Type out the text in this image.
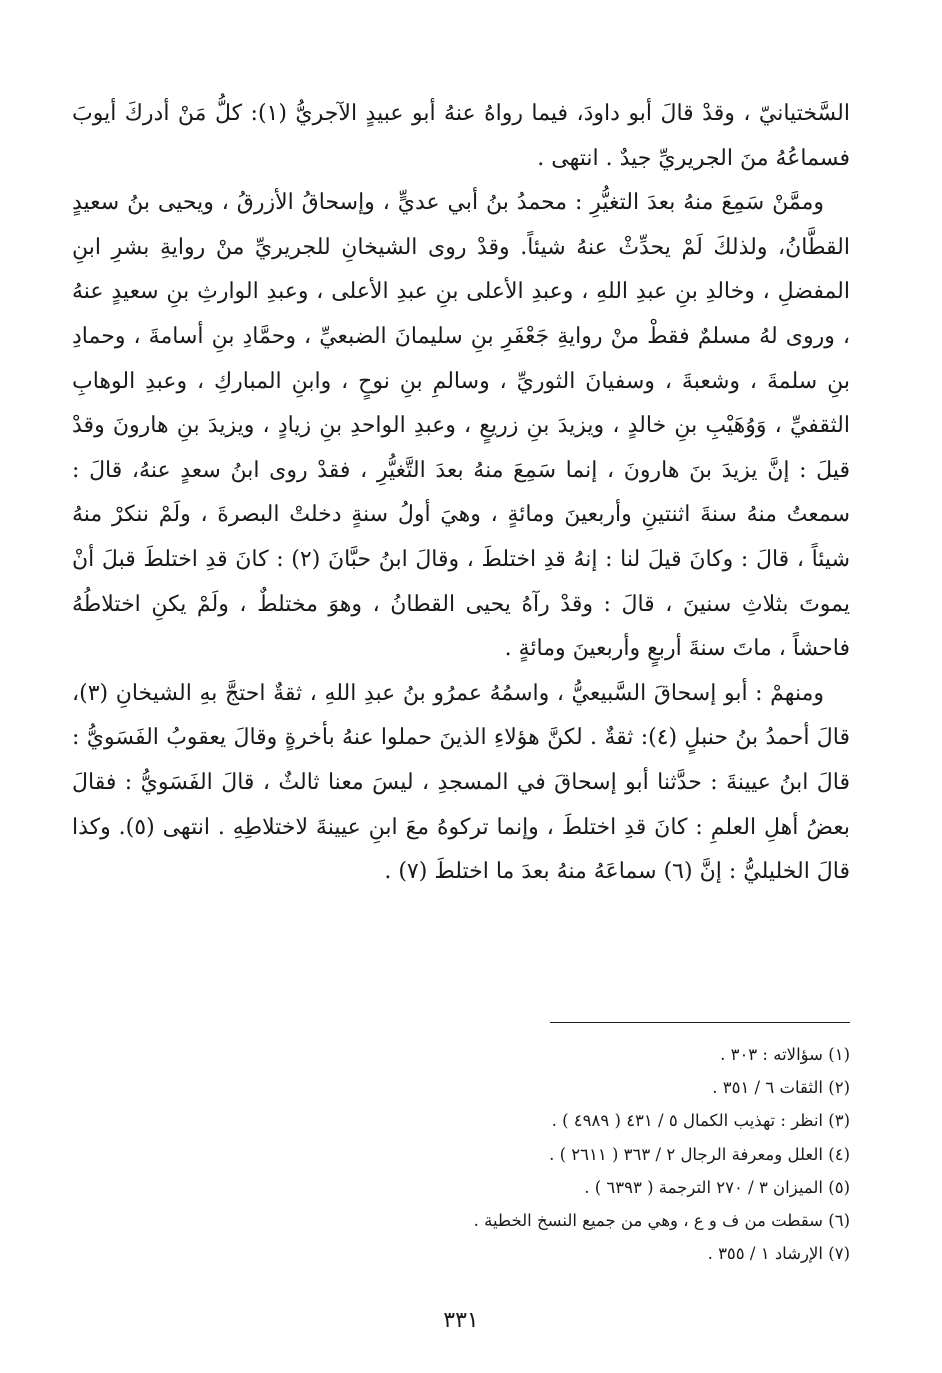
السَّختيانيّ ، وقدْ قالَ أبو داودَ، فيما رواهُ عنهُ أبو عبيدٍ الآجريُّ (١): كلُّ مَنْ أدركَ أيوبَ فسماعُهُ منَ الجريريِّ جيدٌ . انتهى .

وممَّنْ سَمِعَ منهُ بعدَ التغيُّرِ : محمدُ بنُ أبي عديٍّ ، وإسحاقُ الأزرقُ ، ويحيى بنُ سعيدٍ القطَّانُ، ولذلكَ لَمْ يحدِّثْ عنهُ شيئاً. وقدْ روى الشيخانِ للجريريِّ منْ روايةِ بشرِ ابنِ المفضلِ ، وخالدِ بنِ عبدِ اللهِ ، وعبدِ الأعلى بنِ عبدِ الأعلى ، وعبدِ الوارثِ بنِ سعيدٍ عنهُ ، وروى لهُ مسلمٌ فقطْ منْ روايةِ جَعْفَرِ بنِ سليمانَ الضبعيِّ ، وحمَّادِ بنِ أسامةَ ، وحمادِ بنِ سلمةَ ، وشعبةَ ، وسفيانَ الثوريِّ ، وسالمِ بنِ نوحٍ ، وابنِ المباركِ ، وعبدِ الوهابِ الثقفيِّ ، وَوُهَيْبِ بنِ خالدٍ ، ويزيدَ بنِ زريعٍ ، وعبدِ الواحدِ بنِ زيادٍ ، ويزيدَ بنِ هارونَ وقدْ قيلَ : إنَّ يزيدَ بنَ هارونَ ، إنما سَمِعَ منهُ بعدَ التَّغيُّرِ ، فقدْ روى ابنُ سعدٍ عنهُ، قالَ : سمعتُ منهُ سنةَ اثنتينِ وأربعينَ ومائةٍ ، وهيَ أولُ سنةٍ دخلتْ البصرةَ ، ولَمْ ننكرْ منهُ شيئاً ، قالَ : وكانَ قيلَ لنا : إنهُ قدِ اختلطَ ، وقالَ ابنُ حبَّانَ (٢) : كانَ قدِ اختلطَ قبلَ أنْ يموتَ بثلاثِ سنينَ ، قالَ : وقدْ رآهُ يحيى القطانُ ، وهوَ مختلطٌ ، ولَمْ يكنِ اختلاطُهُ فاحشاً ، ماتَ سنةَ أربعٍ وأربعينَ ومائةٍ .

ومنهمْ : أبو إسحاقَ السَّبيعيُّ ، واسمُهُ عمرُو بنُ عبدِ اللهِ ، ثقةٌ احتجَّ بهِ الشيخانِ (٣)، قالَ أحمدُ بنُ حنبلٍ (٤): ثقةٌ . لكنَّ هؤلاءِ الذينَ حملوا عنهُ بأخرةٍ وقالَ يعقوبُ الفَسَويُّ : قالَ ابنُ عيينةَ : حدَّثنا أبو إسحاقَ في المسجدِ ، ليسَ معنا ثالثٌ ، قالَ الفَسَويُّ : فقالَ بعضُ أهلِ العلمِ : كانَ قدِ اختلطَ ، وإنما تركوهُ معَ ابنِ عيينةَ لاختلاطِهِ . انتهى (٥). وكذا قالَ الخليليُّ : إنَّ (٦) سماعَهُ منهُ بعدَ ما اختلطَ (٧) .

(١) سؤالاته : ٣٠٣ .

(٢) الثقات ٦ / ٣٥١ .

(٣) انظر : تهذيب الكمال ٥ / ٤٣١ ( ٤٩٨٩ ) .

(٤) العلل ومعرفة الرجال ٢ / ٣٦٣ ( ٢٦١١ ) .

(٥) الميزان ٣ / ٢٧٠ الترجمة ( ٦٣٩٣ ) .

(٦) سقطت من ف و ع ، وهي من جميع النسخ الخطية .

(٧) الإرشاد ١ / ٣٥٥ .

٣٣١
